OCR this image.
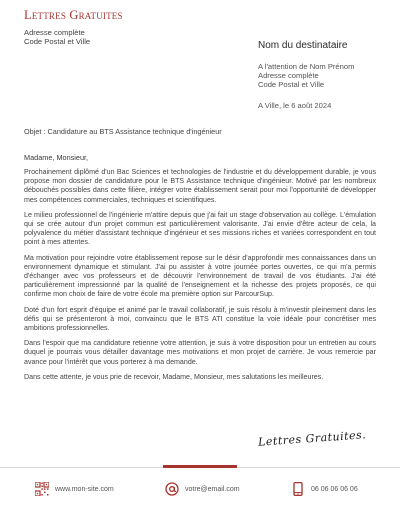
Lettres Gratuites
Adresse complète
Code Postal et Ville	Nom du destinataire
A l'attention de Nom Prénom
Adresse complète
Code Postal et Ville
A Ville, le 6 août 2024
Objet : Candidature au BTS Assistance technique d'ingénieur
Madame, Monsieur,

Prochainement diplômé d'un Bac Sciences et technologies de l'industrie et du développement durable, je vous propose mon dossier de candidature pour le BTS Assistance technique d'ingénieur. Motivé par les nombreux débouchés possibles dans cette filière, intégrer votre établissement serait pour moi l'opportunité de développer mes compétences commerciales, techniques et scientifiques.

Le milieu professionnel de l'ingénierie m'attire depuis que j'ai fait un stage d'observation au collège. L'émulation qui se crée autour d'un projet commun est particulièrement valorisante. J'ai envie d'être acteur de cela, la polyvalence du métier d'assistant technique d'ingénieur et ses missions riches et variées correspondent en tout point à mes attentes.

Ma motivation pour rejoindre votre établissement repose sur le désir d'approfondir mes connaissances dans un environnement dynamique et stimulant. J'ai pu assister à votre journée portes ouvertes, ce qui m'a permis d'échanger avec vos professeurs et de découvrir l'environnement de travail de vos étudiants. J'ai été particulièrement impressionné par la qualité de l'enseignement et la richesse des projets proposés, ce qui confirme mon choix de faire de votre école ma première option sur ParcourSup.

Doté d'un fort esprit d'équipe et animé par le travail collaboratif, je suis résolu à m'investir pleinement dans les défis qui se présenteront à moi, convaincu que le BTS ATI constitue la voie idéale pour concrétiser mes ambitions professionnelles.

Dans l'espoir que ma candidature retienne votre attention, je suis à votre disposition pour un entretien au cours duquel je pourrais vous détailler davantage mes motivations et mon projet de carrière. Je vous remercie par avance pour l'intérêt que vous porterez à ma demande.

Dans cette attente, je vous prie de recevoir, Madame, Monsieur, mes salutations les meilleures.

Lettres Gratuites.
www.mon-site.com	votre@email.com	06 06 06 06 06
